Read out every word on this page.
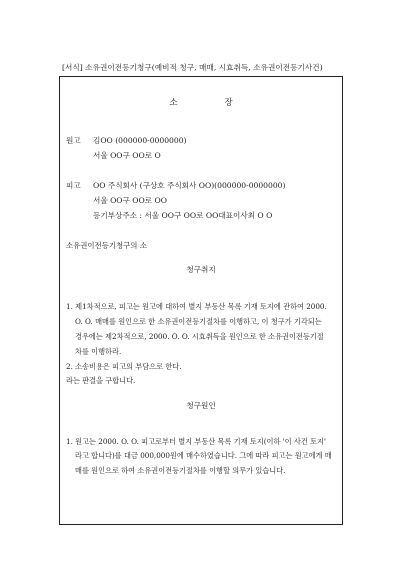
[서식] 소유권이전등기청구(예비적 청구, 매매, 시효취득, 소유권이전등기사건)
소 장
원고 김OO (000000-0000000)
서울 OO구 OO로 O
피고 OO 주식회사 (구상호 주식회사 OO)(000000-0000000)
서울 OO구 OO로 OO
등기부상주소 : 서울 OO구 OO로 OO대표이사최 O O
소유권이전등기청구의 소
청구취지
1. 제1차적으로, 피고는 원고에 대하여 별지 부동산 목록 기재 토지에 관하여 2000.
O. O. 매매를 원인으로 한 소유권이전등기절차를 이행하고, 이 청구가 기각되는
경우에는 제2차적으로, 2000. O. O. 시효취득을 원인으로 한 소유권이전등기절
차를 이행하라.
2. 소송비용은 피고의 부담으로 한다.
라는 판결을 구합니다.
청구원인
1. 원고는 2000. O. O. 피고로부터 별지 부동산 목록 기재 토지(이하 '이 사건 토지'
라고 합니다)를 대금 000,000원에 매수하였습니다. 그에 따라 피고는 원고에게 매
매를 원인으로 하여 소유권이전등기절차를 이행할 의무가 있습니다.
